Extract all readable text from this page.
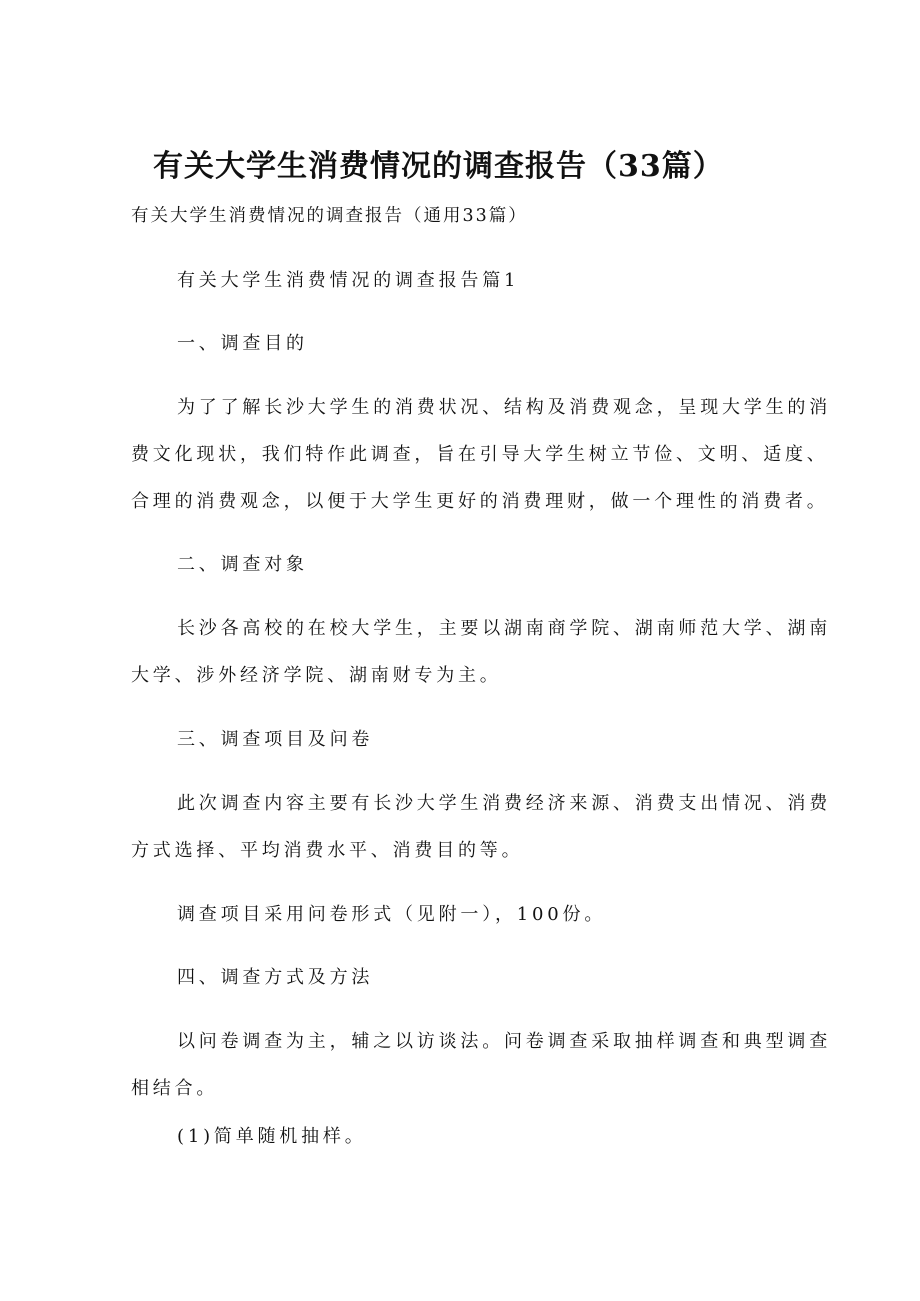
有关大学生消费情况的调查报告（33篇）

有关大学生消费情况的调查报告（通用33篇）

有关大学生消费情况的调查报告篇1

一、调查目的

为了了解长沙大学生的消费状况、结构及消费观念，呈现大学生的消

费文化现状，我们特作此调查，旨在引导大学生树立节俭、文明、适度、

合理的消费观念，以便于大学生更好的消费理财，做一个理性的消费者。

二、调查对象

长沙各高校的在校大学生，主要以湖南商学院、湖南师范大学、湖南

大学、涉外经济学院、湖南财专为主。

三、调查项目及问卷

此次调查内容主要有长沙大学生消费经济来源、消费支出情况、消费

方式选择、平均消费水平、消费目的等。

调查项目采用问卷形式（见附一），100份。

四、调查方式及方法

以问卷调查为主，辅之以访谈法。问卷调查采取抽样调查和典型调查

相结合。

(1)简单随机抽样。
